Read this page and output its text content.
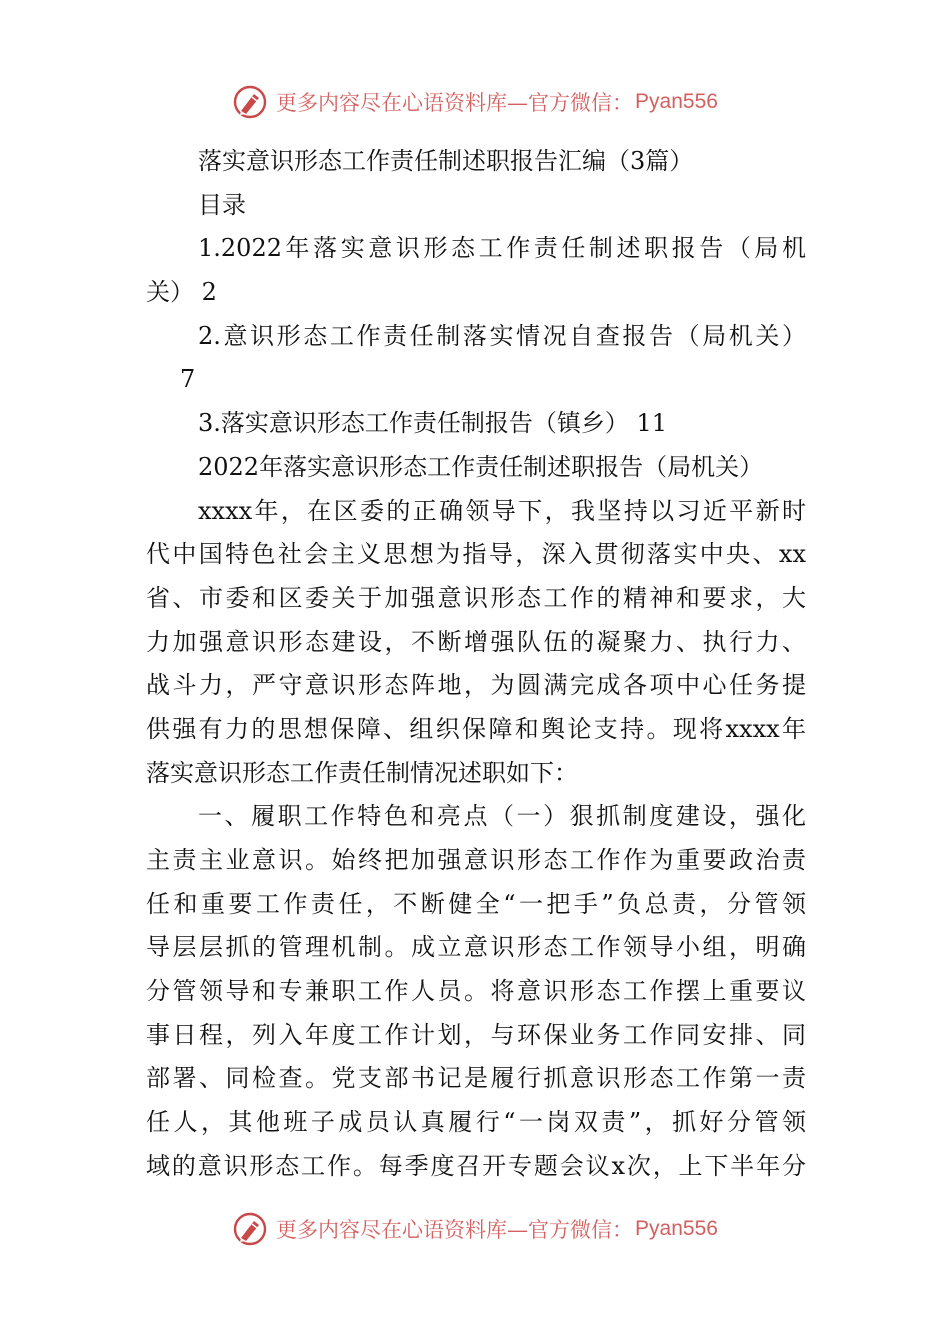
更多内容尽在心语资料库—官方微信： Pyan556
落实意识形态工作责任制述职报告汇编（3篇）
目录
1.2022年落实意识形态工作责任制述职报告（局机
关） 2
2.意识形态工作责任制落实情况自查报告（局机关）
7
3.落实意识形态工作责任制报告（镇乡） 11
2022年落实意识形态工作责任制述职报告（局机关）
xxxx年，在区委的正确领导下，我坚持以习近平新时
代中国特色社会主义思想为指导，深入贯彻落实中央、xx
省、市委和区委关于加强意识形态工作的精神和要求，大
力加强意识形态建设，不断增强队伍的凝聚力、执行力、
战斗力，严守意识形态阵地，为圆满完成各项中心任务提
供强有力的思想保障、组织保障和舆论支持。现将xxxx年
落实意识形态工作责任制情况述职如下：
一、履职工作特色和亮点（一）狠抓制度建设，强化
主责主业意识。始终把加强意识形态工作作为重要政治责
任和重要工作责任，不断健全“一把手”负总责，分管领
导层层抓的管理机制。成立意识形态工作领导小组，明确
分管领导和专兼职工作人员。将意识形态工作摆上重要议
事日程，列入年度工作计划，与环保业务工作同安排、同
部署、同检查。党支部书记是履行抓意识形态工作第一责
任人，其他班子成员认真履行“一岗双责”，抓好分管领
域的意识形态工作。每季度召开专题会议x次，上下半年分
更多内容尽在心语资料库—官方微信： Pyan556
